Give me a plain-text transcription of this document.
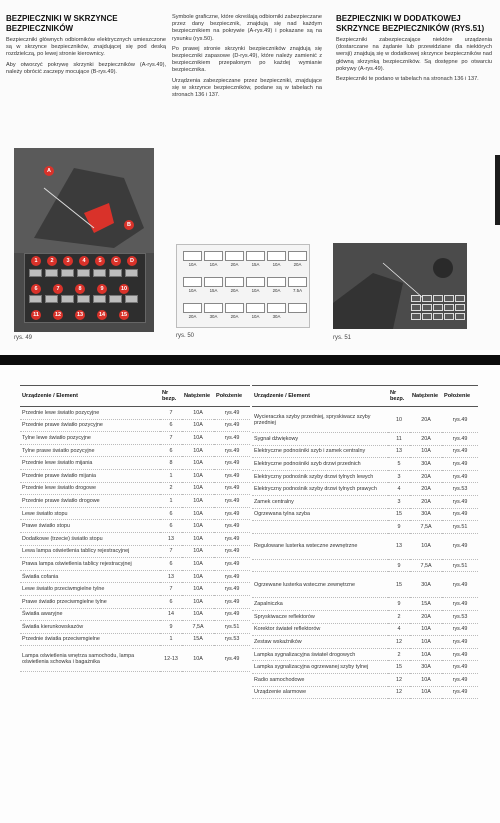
BEZPIECZNIKI W SKRZYNCE BEZPIECZNIKÓW

Bezpieczniki głównych odbiorników elektrycznych umieszczone są w skrzynce bezpieczników, znajdującej się pod deską rozdzielczą, po lewej stronie kierownicy.

Aby otworzyć pokrywę skrzynki bezpieczników (A-rys.49), należy obrócić zaczepy mocujące (B-rys.49).

Symbole graficzne, które określają odbiorniki zabezpieczane przez dany bezpiecznik, znajdują się nad każdym bezpiecznikiem na pokrywie (A-rys.49) i pokazane są na rysunku (rys.50).

Po prawej stronie skrzynki bezpieczników znajdują się bezpieczniki zapasowe (D-rys.49), które należy zamienić z bezpiecznikiem przepalonym po każdej wymianie bezpiecznika.

Urządzenia zabezpieczane przez bezpieczniki, znajdujące się w skrzynce bezpieczników, podane są w tabelach na stronach 136 i 137.

BEZPIECZNIKI W DODATKOWEJ SKRZYNCE BEZPIECZNIKÓW (RYS.51)

Bezpieczniki zabezpieczające niektóre urządzenia (dostarczane na żądanie lub przewidziane dla niektórych wersji) znajdują się w dodatkowej skrzynce bezpieczników nad główną skrzynką bezpieczników. Są dostępne po otwarciu pokrywy (A-rys.49).

Bezpieczniki te podano w tabelach na stronach 136 i 137.

A
B
1	2	3	4	5	C	D
6	7	8	9	10
11	12	13	14	15
rys. 49
10A	10A	20A	15A	10A	20A
10A	15A	20A	10A	20A	7.5A
20A	30A	20A	10A	30A
rys. 50	rys. 51
Urządzenie / Element	Nr bezp.	Natężenie	Położenie
Przednie lewe światło pozycyjne	7	10A	rys.49
Przednie prawe światło pozycyjne	6	10A	rys.49
Tylne lewe światło pozycyjne	7	10A	rys.49
Tylne prawe światło pozycyjne	6	10A	rys.49
Przednie lewe światło mijania	8	10A	rys.49
Przednie prawe światło mijania	1	10A	rys.49
Przednie lewe światło drogowe	2	10A	rys.49
Przednie prawe światło drogowe	1	10A	rys.49
Lewe światło stopu	6	10A	rys.49
Prawe światło stopu	6	10A	rys.49
Dodatkowe (trzecie) światło stopu	13	10A	rys.49
Lewa lampa oświetlenia tablicy rejestracyjnej	7	10A	rys.49
Prawa lampa oświetlenia tablicy rejestracyjnej	6	10A	rys.49
Światła cofania	13	10A	rys.49
Lewe światło przeciwmgielne tylne	7	10A	rys.49
Prawe światło przeciwmgielne tylne	6	10A	rys.49
Światła awaryjne	14	10A	rys.49
Światła kierunkowskazów	9	7,5A	rys.51
Przednie światła przeciwmgielne	1	15A	rys.53
Lampa oświetlenia wnętrza samochodu, lampa oświetlenia schowka i bagażnika	12-13	10A	rys.49
Urządzenie / Element	Nr bezp.	Natężenie	Położenie
Wycieraczka szyby przedniej, spryskiwacz szyby przedniej	10	20A	rys.49
Sygnał dźwiękowy	11	20A	rys.49
Elektryczne podnośniki szyb i zamek centralny	13	10A	rys.49
Elektryczne podnośniki szyb drzwi przednich	5	30A	rys.49
Elektryczny podnośnik szyby drzwi tylnych lewych	3	20A	rys.49
Elektryczny podnośnik szyby drzwi tylnych prawych	4	20A	rys.53
Zamek centralny	3	20A	rys.49
Ogrzewana tylna szyba	15	30A	rys.49
	9	7,5A	rys.51
Regulowane lusterka wsteczne zewnętrzne	13	10A	rys.49
	9	7,5A	rys.51
Ogrzewane lusterka wsteczne zewnętrzne	15	30A	rys.49
Zapalniczka	9	15A	rys.49
Spryskiwacze reflektorów	2	20A	rys.53
Korektor świateł reflektorów	4	10A	rys.49
Zestaw wskaźników	12	10A	rys.49
Lampka sygnalizacyjna świateł drogowych	2	10A	rys.49
Lampka sygnalizacyjna ogrzewanej szyby tylnej	15	30A	rys.49
Radio samochodowe	12	10A	rys.49
Urządzenie alarmowe	12	10A	rys.49
